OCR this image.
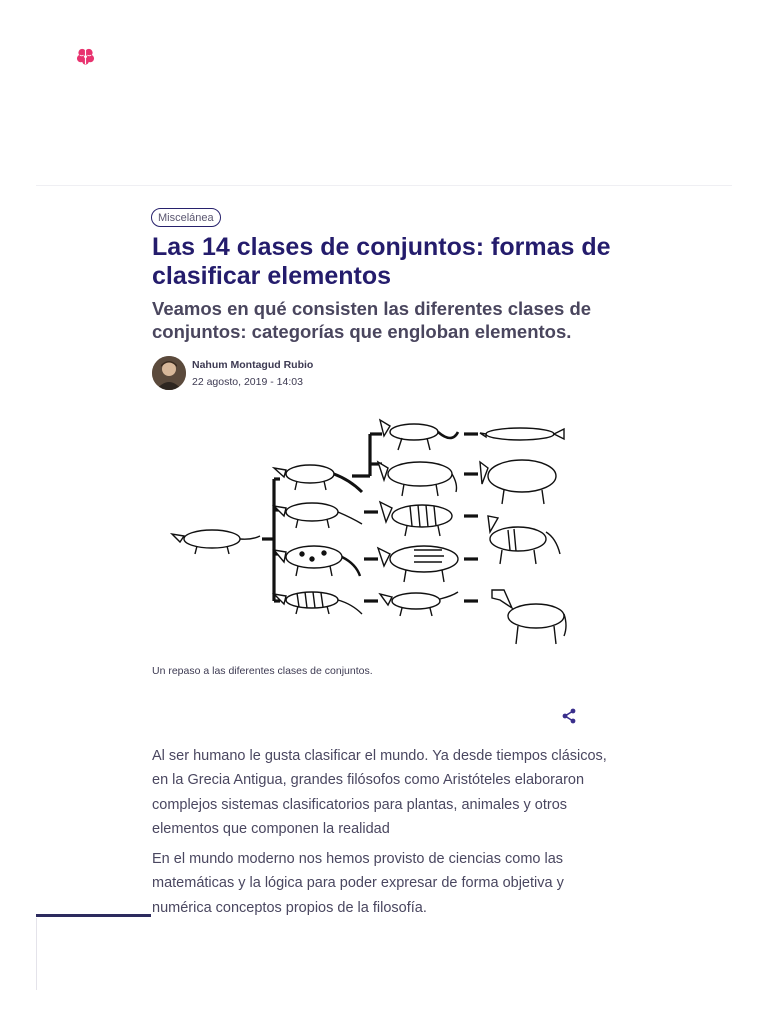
Miscelánea
Las 14 clases de conjuntos: formas de clasificar elementos
Veamos en qué consisten las diferentes clases de conjuntos: categorías que engloban elementos.
Nahum Montagud Rubio
22 agosto, 2019 - 14:03
Un repaso a las diferentes clases de conjuntos.

Al ser humano le gusta clasificar el mundo. Ya desde tiempos clásicos, en la Grecia Antigua, grandes filósofos como Aristóteles elaboraron complejos sistemas clasificatorios para plantas, animales y otros elementos que componen la realidad

En el mundo moderno nos hemos provisto de ciencias como las matemáticas y la lógica para poder expresar de forma objetiva y numérica conceptos propios de la filosofía.
